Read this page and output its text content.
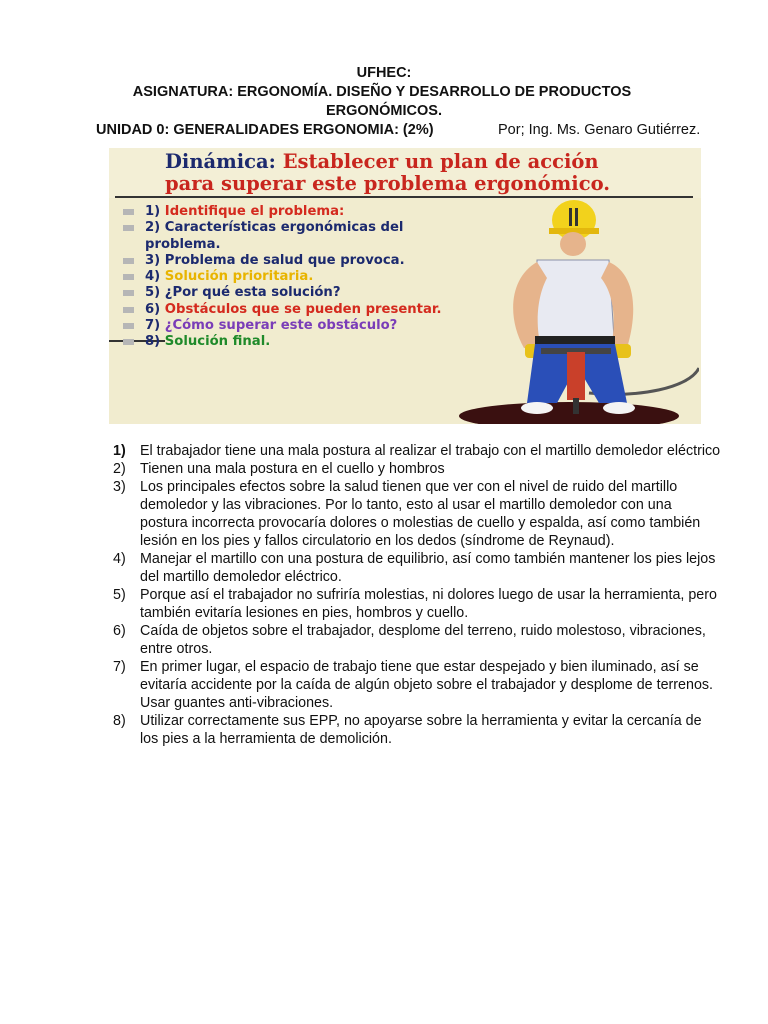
UFHEC:
ASIGNATURA: ERGONOMÍA. DISEÑO Y DESARROLLO DE PRODUCTOS
ERGONÓMICOS.
UNIDAD 0: GENERALIDADES ERGONOMIA: (2%)	Por; Ing. Ms. Genaro Gutiérrez.
Dinámica: Establecer un plan de acción
para superar este problema ergonómico.
1) Identifique el problema:
2) Características ergonómicas del problema.
3) Problema de salud que provoca.
4) Solución prioritaria.
5) ¿Por qué esta solución?
6) Obstáculos que se pueden presentar.
7) ¿Cómo superar este obstáculo?
8) Solución final.
1) El trabajador tiene una mala postura al realizar el trabajo con el martillo demoledor eléctrico
2) Tienen una mala postura en el cuello y hombros
3) Los principales efectos sobre la salud tienen que ver con el nivel de ruido del martillo demoledor y las vibraciones. Por lo tanto, esto al usar el martillo demoledor con una postura incorrecta provocaría dolores o molestias de cuello y espalda, así como también lesión en los pies y fallos circulatorio en los dedos (síndrome de Reynaud).
4) Manejar el martillo con una postura de equilibrio, así como también mantener los pies lejos del martillo demoledor eléctrico.
5) Porque así el trabajador no sufriría molestias, ni dolores luego de usar la herramienta, pero también evitaría lesiones en pies, hombros y cuello.
6) Caída de objetos sobre el trabajador, desplome del terreno, ruido molestoso, vibraciones, entre otros.
7) En primer lugar, el espacio de trabajo tiene que estar despejado y bien iluminado, así se evitaría accidente por la caída de algún objeto sobre el trabajador y desplome de terrenos. Usar guantes anti-vibraciones.
8) Utilizar correctamente sus EPP, no apoyarse sobre la herramienta y evitar la cercanía de los pies a la herramienta de demolición.
